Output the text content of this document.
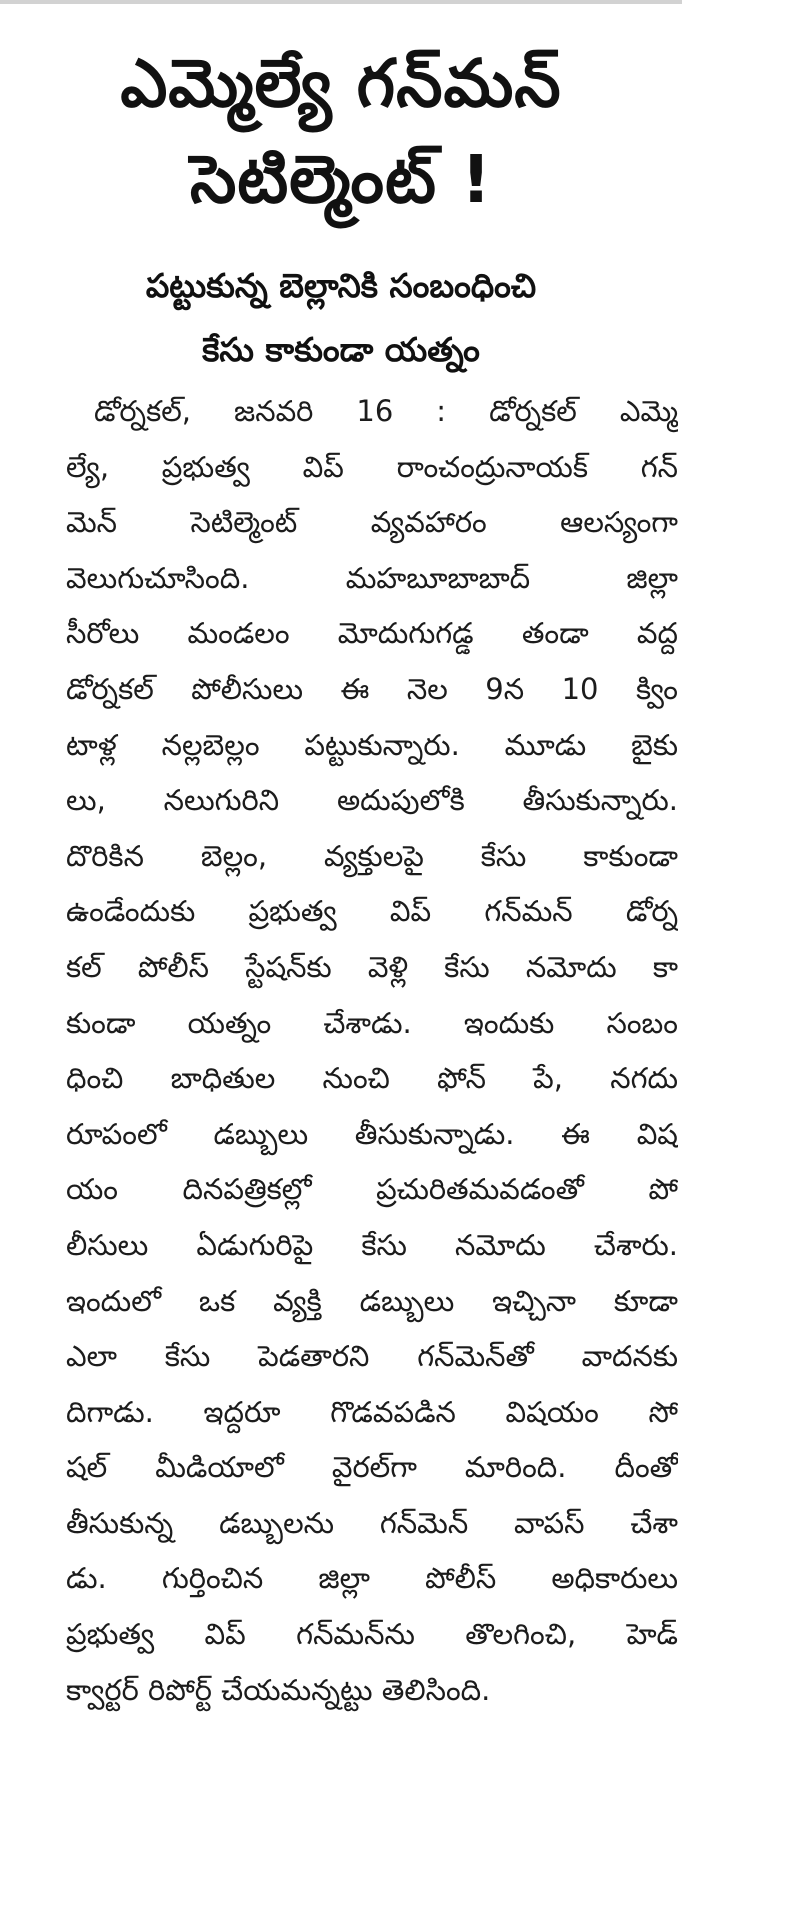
ఎమ్మెల్యే గన్‌మన్
సెటిల్మెంట్ !
పట్టుకున్న బెల్లానికి సంబంధించి
కేసు కాకుండా యత్నం
డోర్నకల్, జనవరి 16 : డోర్నకల్ ఎమ్మె
ల్యే, ప్రభుత్వ విప్ రాంచంద్రునాయక్ గన్
మెన్ సెటిల్మెంట్ వ్యవహారం ఆలస్యంగా
వెలుగుచూసింది. మహబూబాబాద్ జిల్లా
సీరోలు మండలం మోదుగుగడ్డ తండా వద్ద
డోర్నకల్ పోలీసులు ఈ నెల 9న 10 క్విం
టాళ్ల నల్లబెల్లం పట్టుకున్నారు. మూడు బైకు
లు, నలుగురిని అదుపులోకి తీసుకున్నారు.
దొరికిన బెల్లం, వ్యక్తులపై కేసు కాకుండా
ఉండేందుకు ప్రభుత్వ విప్ గన్‌మన్ డోర్న
కల్ పోలీస్ స్టేషన్‌కు వెళ్లి కేసు నమోదు కా
కుండా యత్నం చేశాడు. ఇందుకు సంబం
ధించి బాధితుల నుంచి ఫోన్ పే, నగదు
రూపంలో డబ్బులు తీసుకున్నాడు. ఈ విష
యం దినపత్రికల్లో ప్రచురితమవడంతో పో
లీసులు ఏడుగురిపై కేసు నమోదు చేశారు.
ఇందులో ఒక వ్యక్తి డబ్బులు ఇచ్చినా కూడా
ఎలా కేసు పెడతారని గన్‌మెన్‌తో వాదనకు
దిగాడు. ఇద్దరూ గొడవపడిన విషయం సో
షల్ మీడియాలో వైరల్‌గా మారింది. దీంతో
తీసుకున్న డబ్బులను గన్‌మెన్ వాపస్ చేశా
డు. గుర్తించిన జిల్లా పోలీస్ అధికారులు
ప్రభుత్వ విప్ గన్‌మన్‌ను తొలగించి, హెడ్
క్వార్టర్ రిపోర్ట్ చేయమన్నట్టు తెలిసింది.
